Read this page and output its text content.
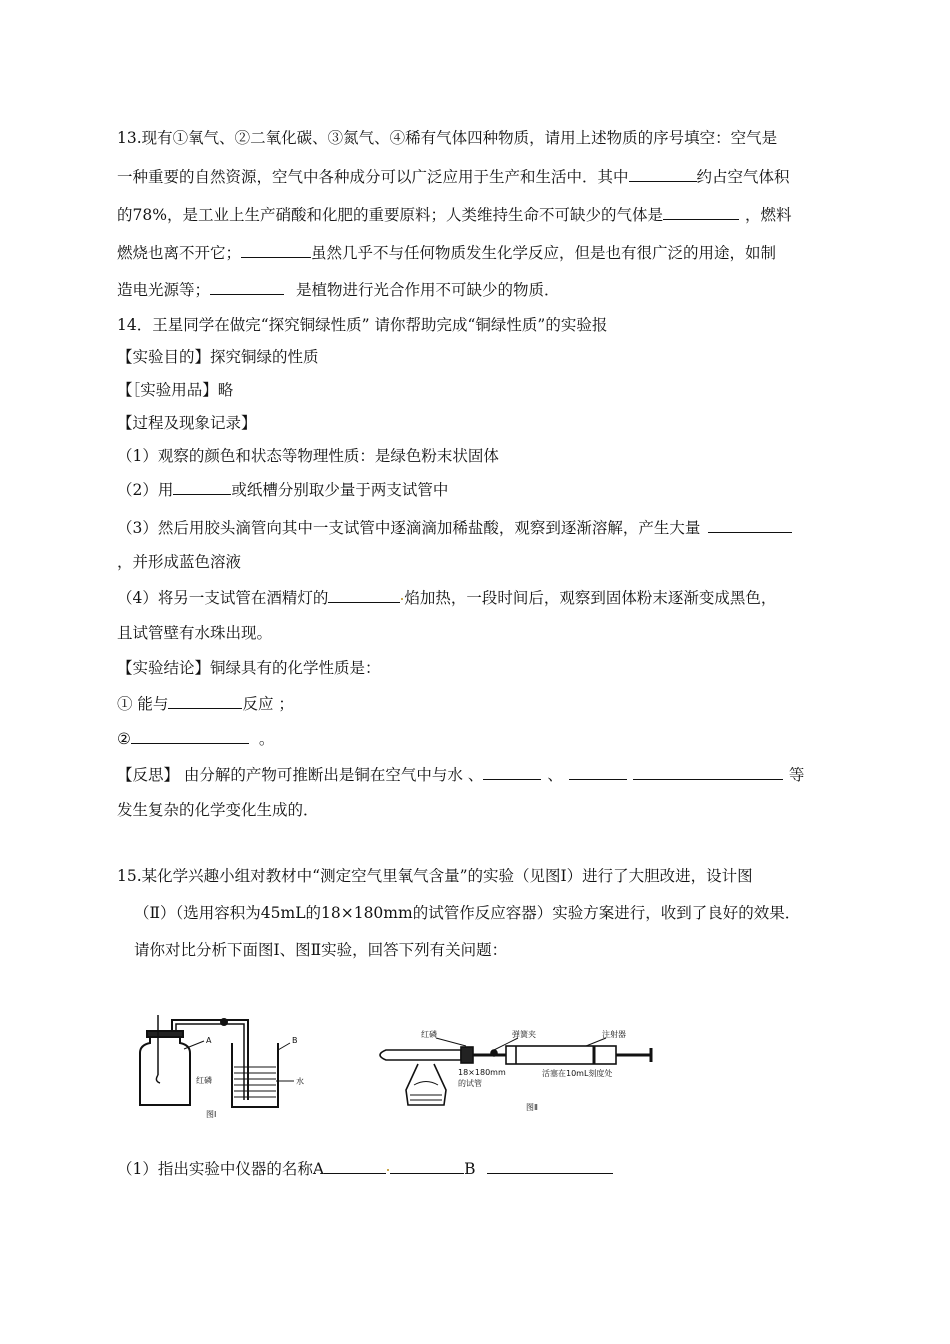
13.现有①氧气、②二氧化碳、③氮气、④稀有气体四种物质，请用上述物质的序号填空：空气是
一种重要的自然资源，空气中各种成分可以广泛应用于生产和生活中．其中	约占空气体积
的78%，是工业上生产硝酸和化肥的重要原料；人类维持生命不可缺少的气体是	，燃料
燃烧也离不开它；	虽然几乎不与任何物质发生化学反应，但是也有很广泛的用途，如制
造电光源等；	是植物进行光合作用不可缺少的物质．
14．王星同学在做完“探究铜绿性质” 请你帮助完成“铜绿性质”的实验报
【实验目的】探究铜绿的性质
【［实验用品】略
【过程及现象记录】
（1）观察的颜色和状态等物理性质：是绿色粉末状固体
（2）用	或纸槽分别取少量于两支试管中
（3）然后用胶头滴管向其中一支试管中逐滴滴加稀盐酸，观察到逐渐溶解，产生大量
，并形成蓝色溶液
（4）将另一支试管在酒精灯的	焰加热，一段时间后，观察到固体粉末逐渐变成黑色，
且试管壁有水珠出现。
【实验结论】铜绿具有的化学性质是：
① 能与	反应 ；
②	。
【反思】 由分解的产物可推断出是铜在空气中与水 、	、	等
发生复杂的化学变化生成的．
15.某化学兴趣小组对教材中“测定空气里氧气含量”的实验（见图Ⅰ）进行了大胆改进，设计图
（Ⅱ）（选用容积为45mL的18×180mm的试管作反应容器）实验方案进行，收到了良好的效果．
请你对比分析下面图Ⅰ、图Ⅱ实验，回答下列有关问题：
A	B
红磷	水
图Ⅰ
红磷	弹簧夹	注射器
18×180mm
的试管
活塞在10mL刻度处
图Ⅱ
（1）指出实验中仪器的名称A	B
